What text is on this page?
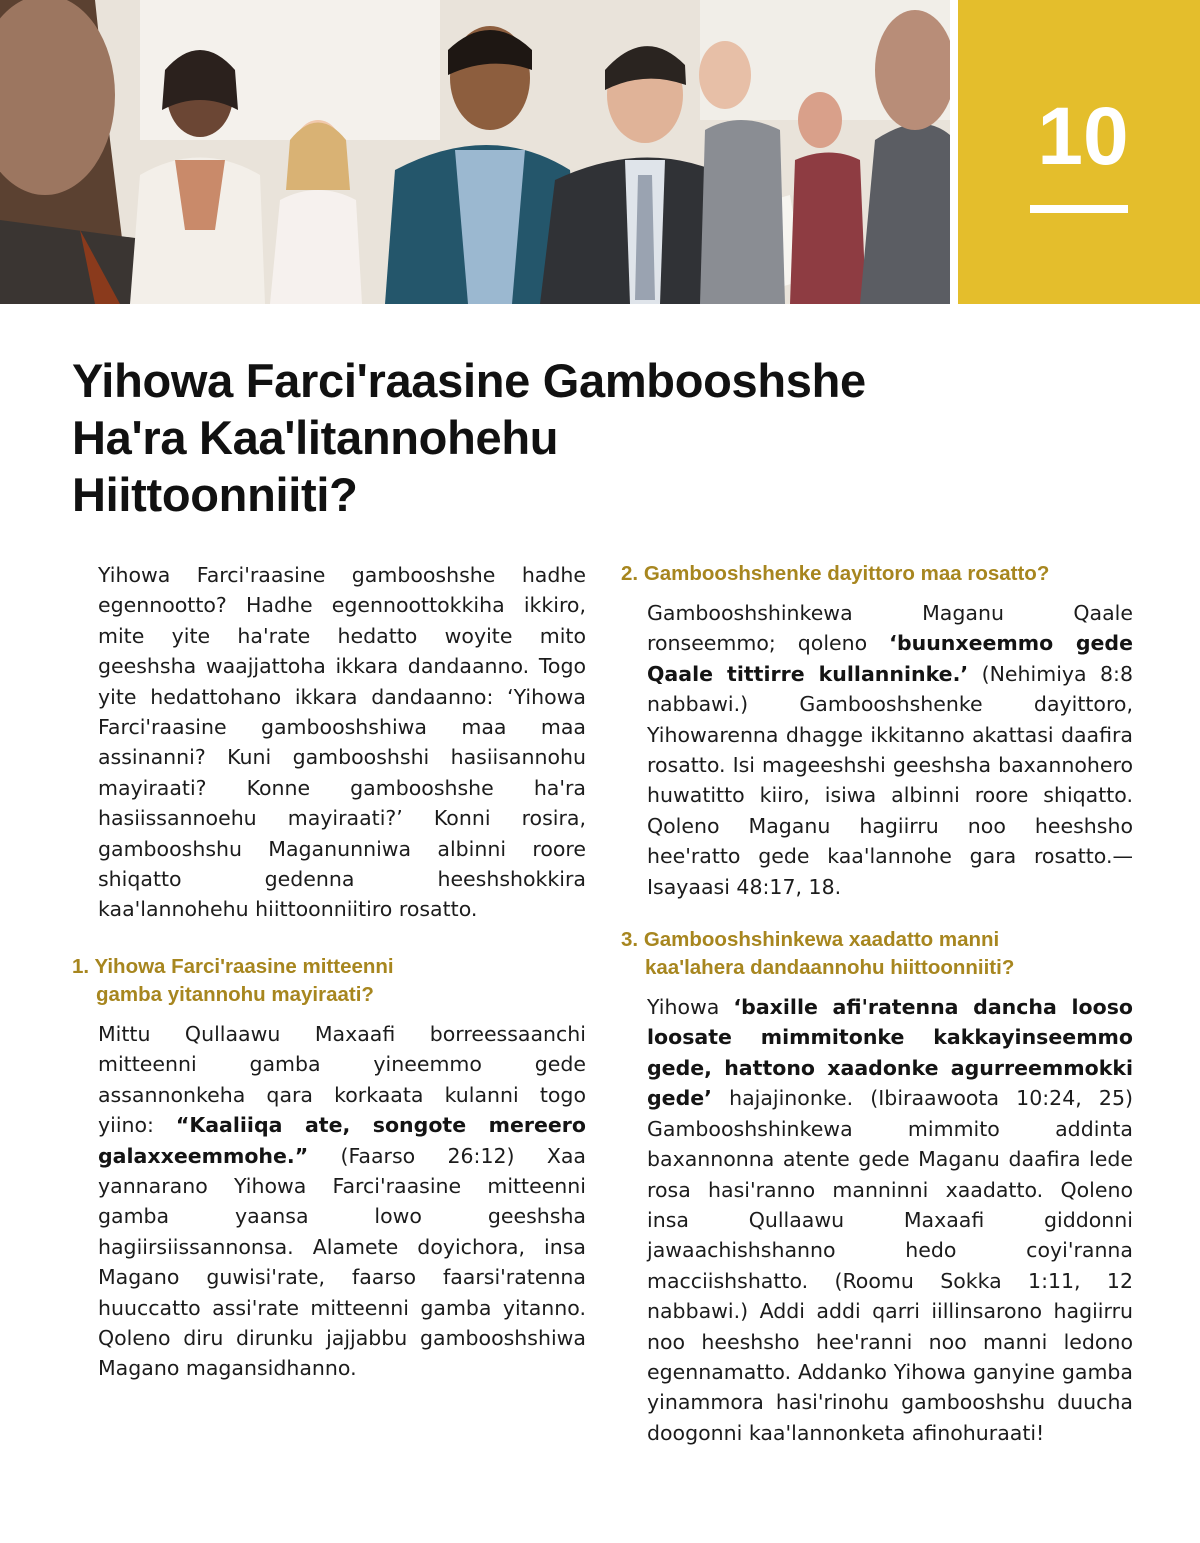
10
Yihowa Farci'raasine Gambooshshe
Ha'ra Kaa'litannohehu
Hiittoonniiti?

Yihowa Farci'raasine gambooshshe hadhe egennootto? Hadhe egennoottokkiha ikkiro, mite yite ha'rate hedatto woyite mito geeshsha waajjattoha ikkara dandaanno. Togo yite hedattohano ikkara dandaanno: ‘Yihowa Farci'raasine gambooshshiwa maa maa assinanni? Kuni gambooshshi hasiisannohu mayiraati? Konne gambooshshe ha'ra hasiissannoehu mayiraati?’ Konni rosira, gambooshshu Maganunniwa albinni roore shiqatto gedenna heeshshokkira kaa'lannohehu hiittoonniitiro rosatto.

1. Yihowa Farci'raasine mitteenni
gamba yitannohu mayiraati?

Mittu Qullaawu Maxaafi borreessaanchi mitteenni gamba yineemmo gede assannonkeha qara korkaata kulanni togo yiino: “Kaaliiqa ate, songote mereero galaxxeemmohe.” (Faarso 26:12) Xaa yannarano Yihowa Farci'raasine mitteenni gamba yaansa lowo geeshsha hagiirsiissannonsa. Alamete doyichora, insa Magano guwisi'rate, faarso faarsi'ratenna huuccatto assi'rate mitteenni gamba yitanno. Qoleno diru dirunku jajjabbu gambooshshiwa Magano magansidhanno.

2. Gambooshshenke dayittoro maa rosatto?

Gambooshshinkewa Maganu Qaale ronseemmo; qoleno ‘buunxeemmo gede Qaale tittirre kullanninke.’ (Nehimiya 8:8 nabbawi.) Gambooshshenke dayittoro, Yihowarenna dhagge ikkitanno akattasi daafira rosatto. Isi mageeshshi geeshsha baxannohero huwatitto kiiro, isiwa albinni roore shiqatto. Qoleno Maganu hagiirru noo heeshsho hee'ratto gede kaa'lannohe gara rosatto.—Isayaasi 48:17, 18.

3. Gambooshshinkewa xaadatto manni
kaa'lahera dandaannohu hiittoonniiti?

Yihowa ‘baxille afi'ratenna dancha looso loosate mimmitonke kakkayinseemmo gede, hattono xaadonke agurreemmokki gede’ hajajinonke. (Ibiraawoota 10:24, 25) Gambooshshinkewa mimmito addinta baxannonna atente gede Maganu daafira lede rosa hasi'ranno manninni xaadatto. Qoleno insa Qullaawu Maxaafi giddonni jawaachishshanno hedo coyi'ranna macciishshatto. (Roomu Sokka 1:11, 12 nabbawi.) Addi addi qarri iillinsarono hagiirru noo heeshsho hee'ranni noo manni ledono egennamatto. Addanko Yihowa ganyine gamba yinammora hasi'rinohu gambooshshu duucha doogonni kaa'lannonketa afinohuraati!
